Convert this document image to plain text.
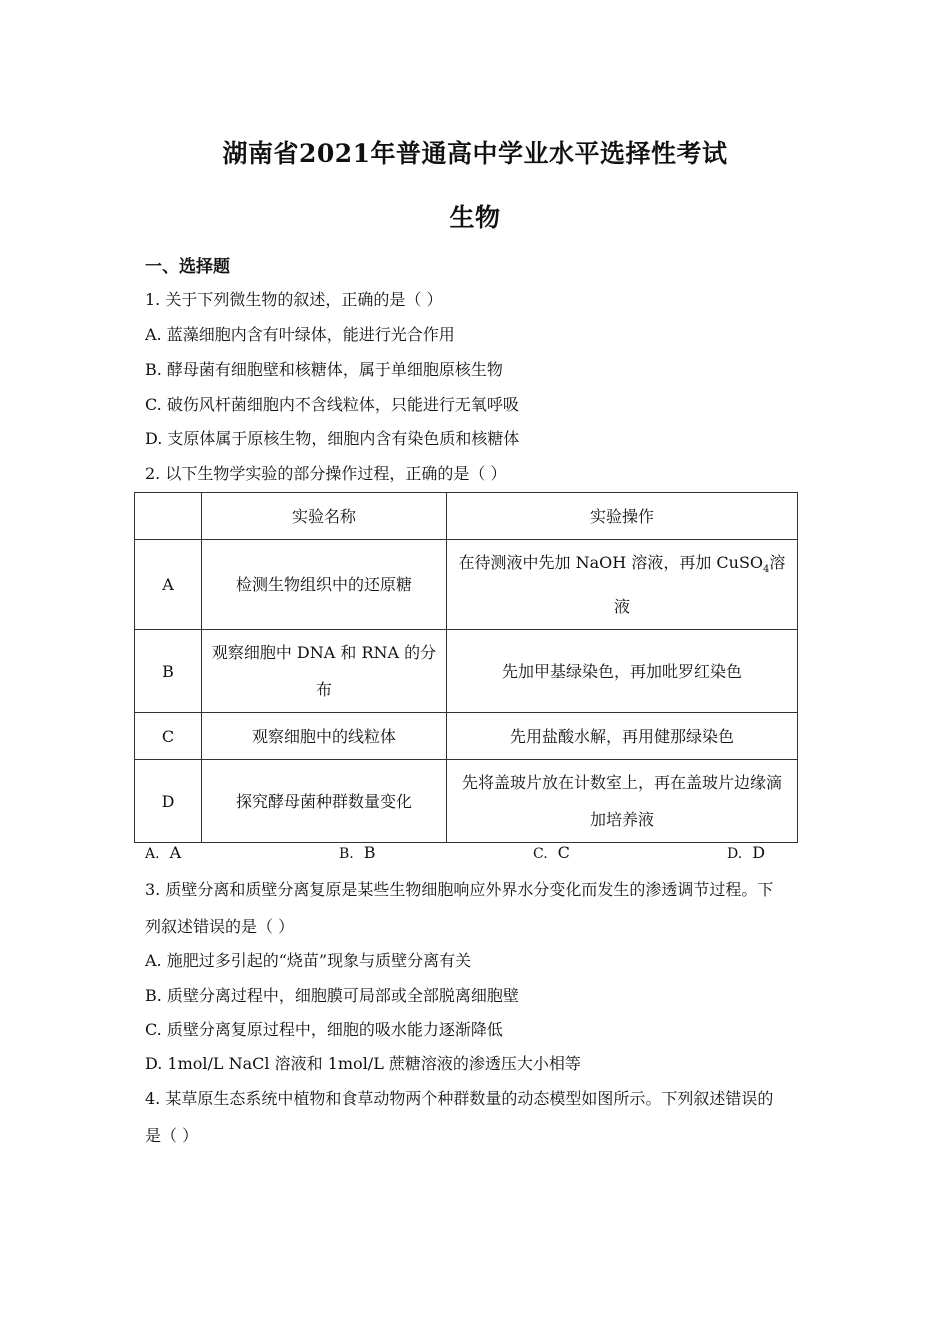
湖南省2021年普通高中学业水平选择性考试
生物
一、选择题
1. 关于下列微生物的叙述，正确的是（ ）
A. 蓝藻细胞内含有叶绿体，能进行光合作用
B. 酵母菌有细胞壁和核糖体，属于单细胞原核生物
C. 破伤风杆菌细胞内不含线粒体，只能进行无氧呼吸
D. 支原体属于原核生物，细胞内含有染色质和核糖体
2. 以下生物学实验的部分操作过程，正确的是（ ）
	实验名称	实验操作
A	检测生物组织中的还原糖	在待测液中先加 NaOH 溶液，再加 CuSO$_4$溶液
B	观察细胞中 DNA 和 RNA 的分布	先加甲基绿染色，再加吡罗红染色
C	观察细胞中的线粒体	先用盐酸水解，再用健那绿染色
D	探究酵母菌种群数量变化	先将盖玻片放在计数室上，再在盖玻片边缘滴加培养液
A. A	B. B	C. C	D. D
3. 质壁分离和质壁分离复原是某些生物细胞响应外界水分变化而发生的渗透调节过程。下
列叙述错误的是（ ）
A. 施肥过多引起的“烧苗”现象与质壁分离有关
B. 质壁分离过程中，细胞膜可局部或全部脱离细胞壁
C. 质壁分离复原过程中，细胞的吸水能力逐渐降低
D. 1mol/L NaCl 溶液和 1mol/L 蔗糖溶液的渗透压大小相等
4. 某草原生态系统中植物和食草动物两个种群数量的动态模型如图所示。下列叙述错误的
是（ ）
